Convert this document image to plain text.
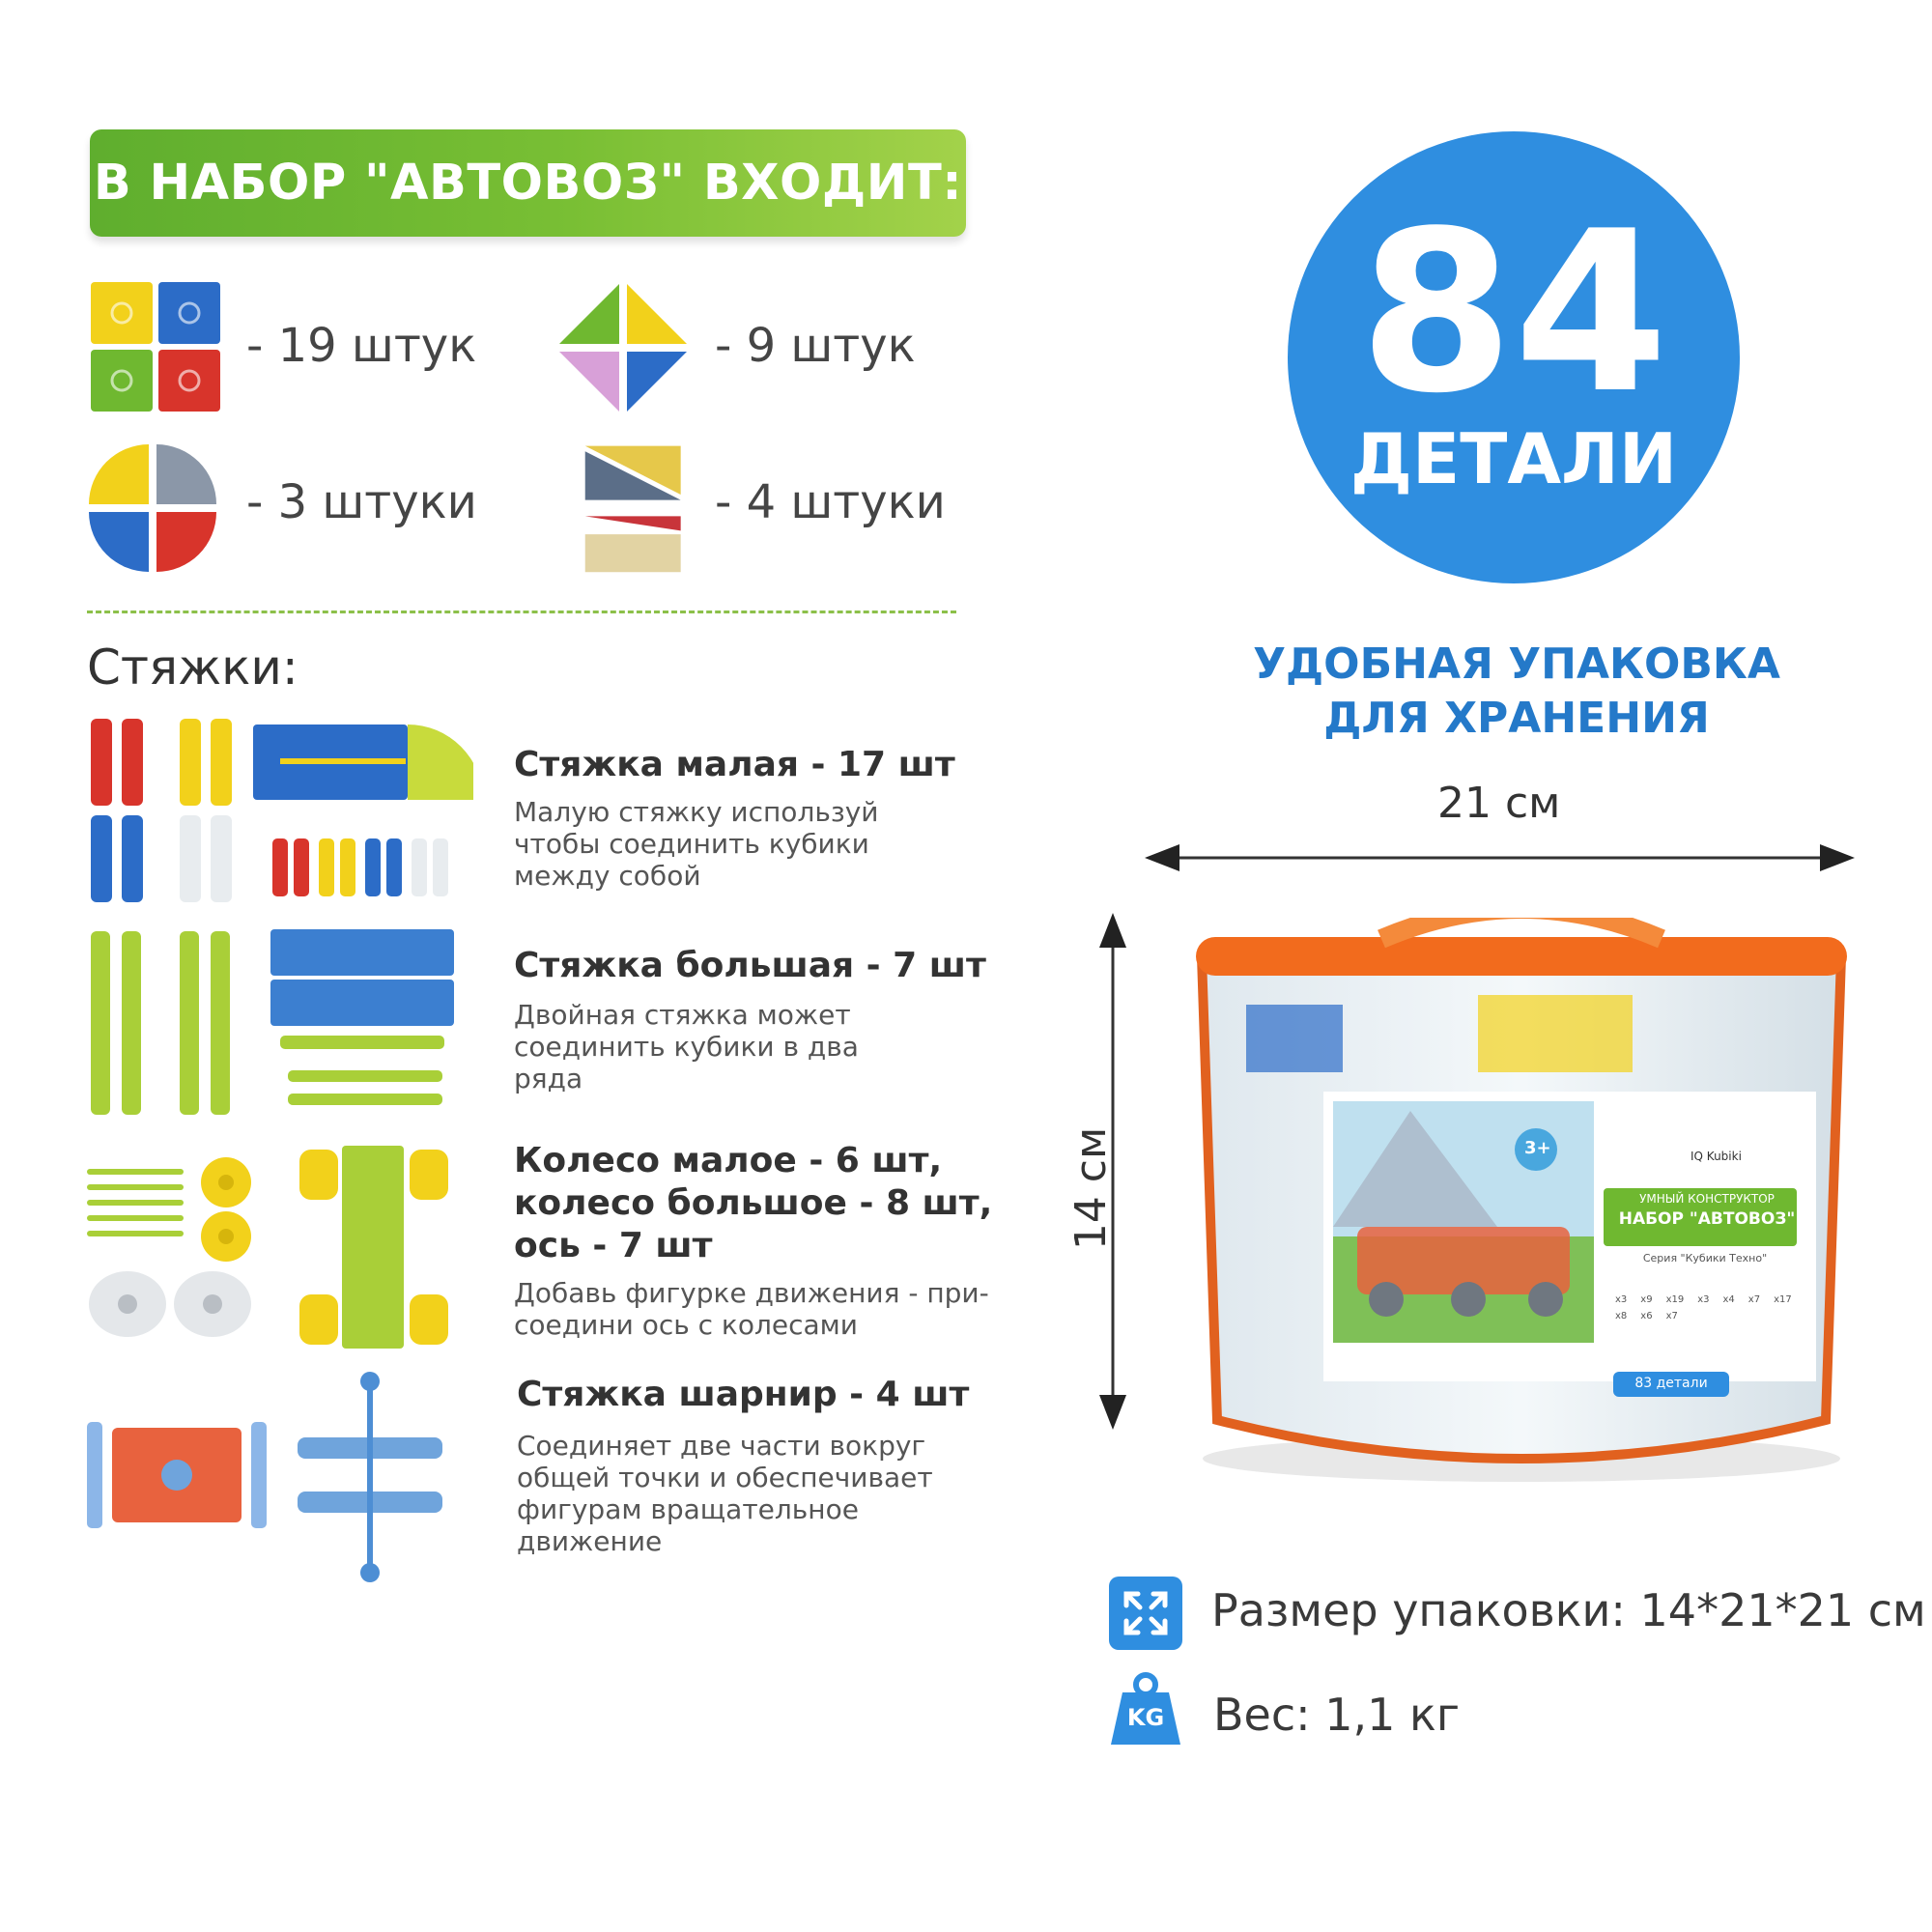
В НАБОР "АВТОВОЗ" ВХОДИТ:
- 19 штук	- 9 штук
- 3 штуки	- 4 штуки
Стяжки:
Стяжка малая - 17 шт
Малую стяжку используй
чтобы соединить кубики
между собой
Стяжка большая - 7 шт
Двойная стяжка может
соединить кубики в два
ряда
Колесо малое - 6 шт,
колесо большое - 8 шт,
ось - 7 шт
Добавь фигурке движения - при-
соедини ось с колесами
Стяжка шарнир - 4 шт
Соединяет две части вокруг
общей точки и обеспечивает
фигурам вращательное
движение
84
ДЕТАЛИ
УДОБНАЯ УПАКОВКА
ДЛЯ ХРАНЕНИЯ
21 см
14 см	3+	IQ Kubiki
УМНЫЙ КОНСТРУКТОР
НАБОР "АВТОВОЗ"
Серия "Кубики Техно"
x3 x9 x19 x3 x4 x7 x17
x8 x6 x7
83 детали
Размер упаковки: 14*21*21 см
KG	Вес: 1,1 кг
